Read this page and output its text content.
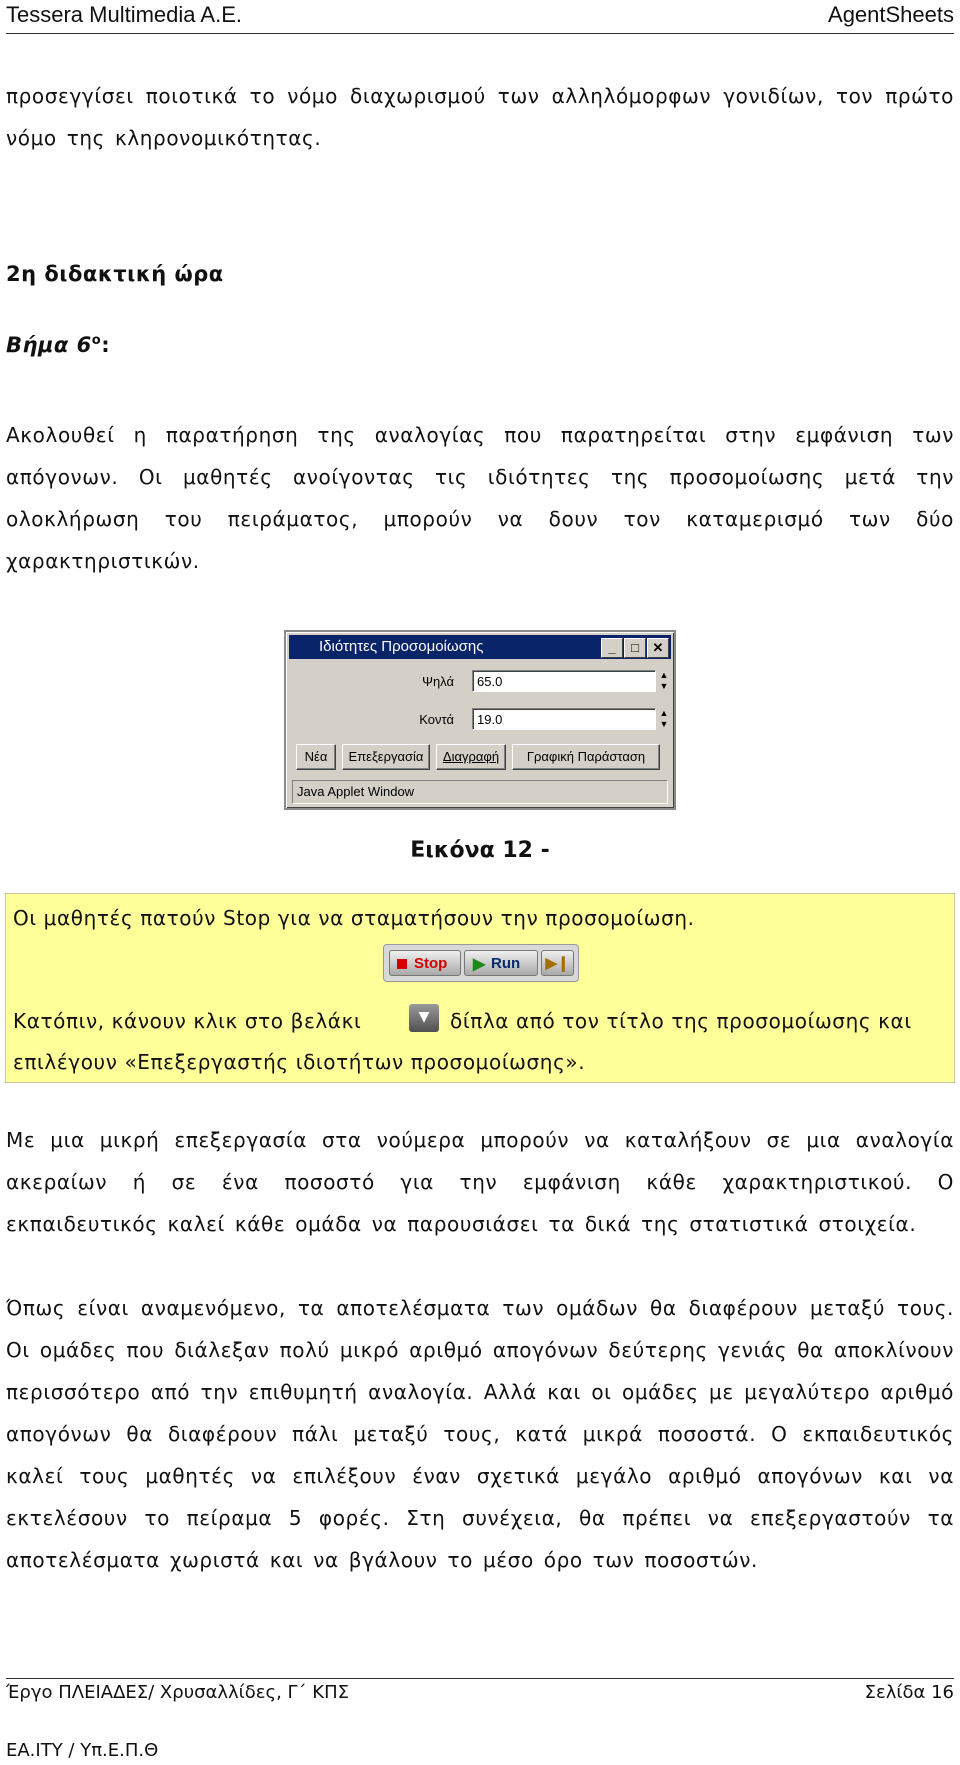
Tessera Multimedia A.E.	AgentSheets
προσεγγίσει ποιοτικά το νόμο διαχωρισμού των αλληλόμορφων γονιδίων, τον πρώτο νόμο της κληρονομικότητας.
2η διδακτική ώρα
Βήμα $6^o$:
Ακολουθεί η παρατήρηση της αναλογίας που παρατηρείται στην εμφάνιση των απόγονων. Οι μαθητές ανοίγοντας τις ιδιότητες της προσομοίωσης μετά την ολοκλήρωση του πειράματος, μπορούν να δουν τον καταμερισμό των δύο χαρακτηριστικών.
Ιδιότητες Προσομοίωσης	_	□	✕
Ψηλά	65.0	▲
▼
Κοντά	19.0	▲
▼
Νέα	Επεξεργασία	Διαγραφή	Γραφική Παράσταση
Java Applet Window
Εικόνα 12 -
Οι μαθητές πατούν Stop για να σταματήσουν την προσομοίωση.
Stop	▶ Run	▶❙
Κατόπιν, κάνουν κλικ στο βελάκι	▼	δίπλα από τον τίτλο της προσομοίωσης και
επιλέγουν «Επεξεργαστής ιδιοτήτων προσομοίωσης».
Με μια μικρή επεξεργασία στα νούμερα μπορούν να καταλήξουν σε μια αναλογία ακεραίων ή σε ένα ποσοστό για την εμφάνιση κάθε χαρακτηριστικού. Ο εκπαιδευτικός καλεί κάθε ομάδα να παρουσιάσει τα δικά της στατιστικά στοιχεία.
Όπως είναι αναμενόμενο, τα αποτελέσματα των ομάδων θα διαφέρουν μεταξύ τους. Οι ομάδες που διάλεξαν πολύ μικρό αριθμό απογόνων δεύτερης γενιάς θα αποκλίνουν περισσότερο από την επιθυμητή αναλογία. Αλλά και οι ομάδες με μεγαλύτερο αριθμό απογόνων θα διαφέρουν πάλι μεταξύ τους, κατά μικρά ποσοστά. Ο εκπαιδευτικός καλεί τους μαθητές να επιλέξουν έναν σχετικά μεγάλο αριθμό απογόνων και να εκτελέσουν το πείραμα 5 φορές. Στη συνέχεια, θα πρέπει να επεξεργαστούν τα αποτελέσματα χωριστά και να βγάλουν το μέσο όρο των ποσοστών.
Έργο ΠΛΕΙΑΔΕΣ/ Χρυσαλλίδες, Γ΄ ΚΠΣ	Σελίδα 16
ΕΑ.ΙΤΥ / Υπ.Ε.Π.Θ
